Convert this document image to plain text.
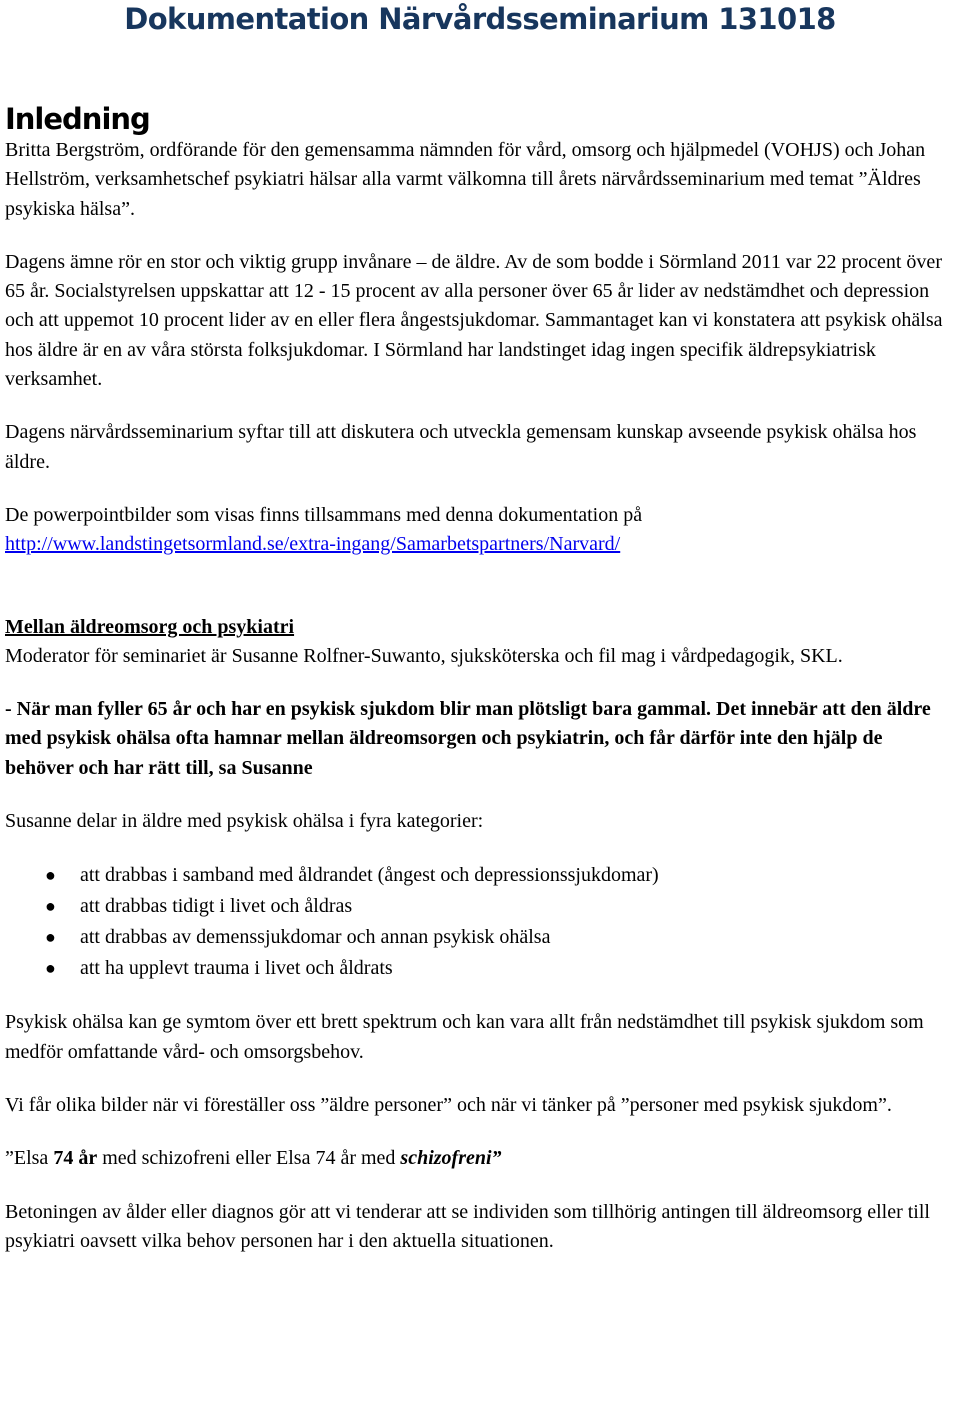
Dokumentation Närvårdsseminarium 131018
Inledning

Britta Bergström, ordförande för den gemensamma nämnden för vård, omsorg och hjälpmedel (VOHJS) och Johan Hellström, verksamhetschef psykiatri hälsar alla varmt välkomna till årets närvårdsseminarium med temat ”Äldres psykiska hälsa”.

Dagens ämne rör en stor och viktig grupp invånare – de äldre. Av de som bodde i Sörmland 2011 var 22 procent över 65 år. Socialstyrelsen uppskattar att 12 - 15 procent av alla personer över 65 år lider av nedstämdhet och depression och att uppemot 10 procent lider av en eller flera ångestsjukdomar. Sammantaget kan vi konstatera att psykisk ohälsa hos äldre är en av våra största folksjukdomar. I Sörmland har landstinget idag ingen specifik äldrepsykiatrisk verksamhet.

Dagens närvårdsseminarium syftar till att diskutera och utveckla gemensam kunskap avseende psykisk ohälsa hos äldre.

De powerpointbilder som visas finns tillsammans med denna dokumentation på
http://www.landstingetsormland.se/extra-ingang/Samarbetspartners/Narvard/

Mellan äldreomsorg och psykiatri

Moderator för seminariet är Susanne Rolfner-Suwanto, sjuksköterska och fil mag i vårdpedagogik, SKL.

- När man fyller 65 år och har en psykisk sjukdom blir man plötsligt bara gammal. Det innebär att den äldre med psykisk ohälsa ofta hamnar mellan äldreomsorgen och psykiatrin, och får därför inte den hjälp de behöver och har rätt till, sa Susanne

Susanne delar in äldre med psykisk ohälsa i fyra kategorier:

● att drabbas i samband med åldrandet (ångest och depressionssjukdomar)
● att drabbas tidigt i livet och åldras
● att drabbas av demenssjukdomar och annan psykisk ohälsa
● att ha upplevt trauma i livet och åldrats

Psykisk ohälsa kan ge symtom över ett brett spektrum och kan vara allt från nedstämdhet till psykisk sjukdom som medför omfattande vård- och omsorgsbehov.

Vi får olika bilder när vi föreställer oss ”äldre personer” och när vi tänker på ”personer med psykisk sjukdom”.

”Elsa 74 år med schizofreni eller Elsa 74 år med schizofreni”

Betoningen av ålder eller diagnos gör att vi tenderar att se individen som tillhörig antingen till äldreomsorg eller till psykiatri oavsett vilka behov personen har i den aktuella situationen.
